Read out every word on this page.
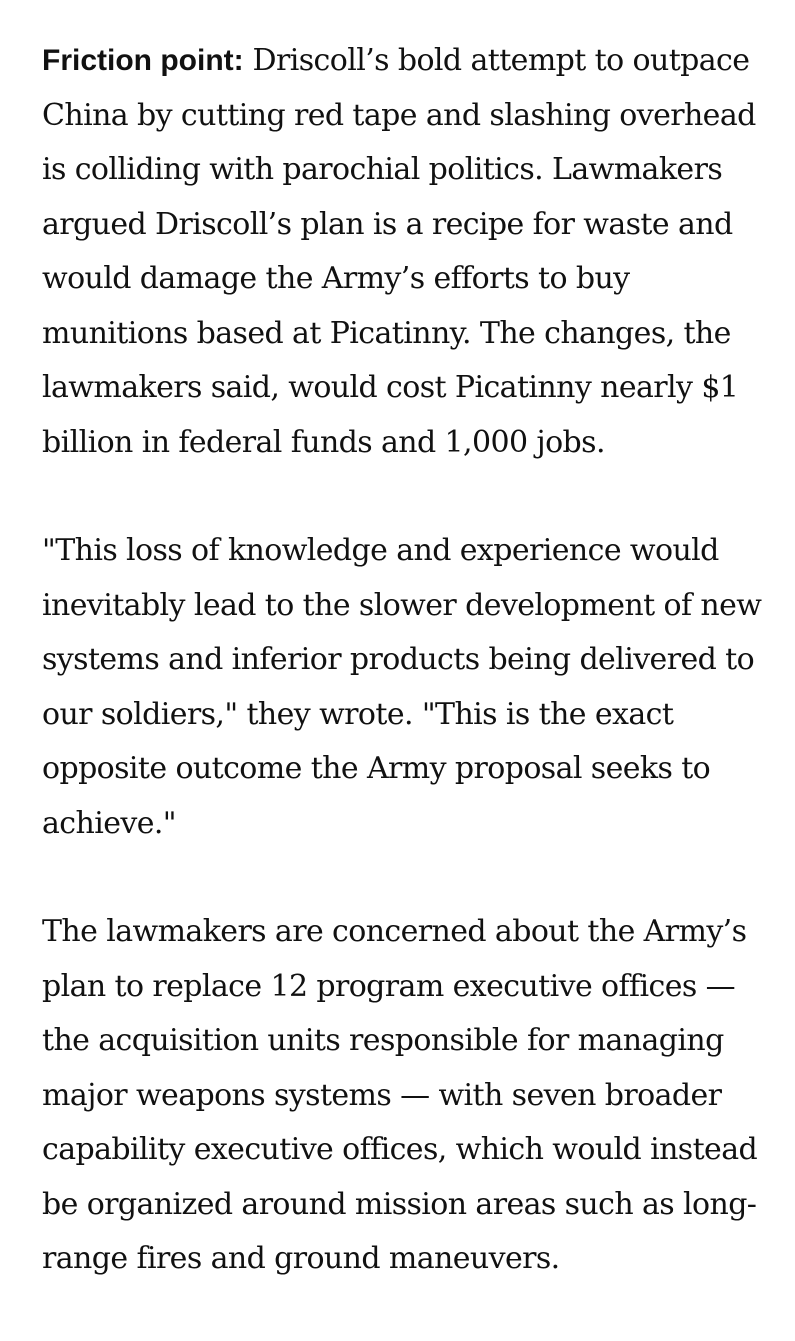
Friction point: Driscoll’s bold attempt to outpace China by cutting red tape and slashing overhead is colliding with parochial politics. Lawmakers argued Driscoll’s plan is a recipe for waste and would damage the Army’s efforts to buy munitions based at Picatinny. The changes, the lawmakers said, would cost Picatinny nearly $1 billion in federal funds and 1,000 jobs.

"This loss of knowledge and experience would inevitably lead to the slower development of new systems and inferior products being delivered to our soldiers," they wrote. "This is the exact opposite outcome the Army proposal seeks to achieve."

The lawmakers are concerned about the Army’s plan to replace 12 program executive offices — the acquisition units responsible for managing major weapons systems — with seven broader capability executive offices, which would instead be organized around mission areas such as long-range fires and ground maneuvers.
